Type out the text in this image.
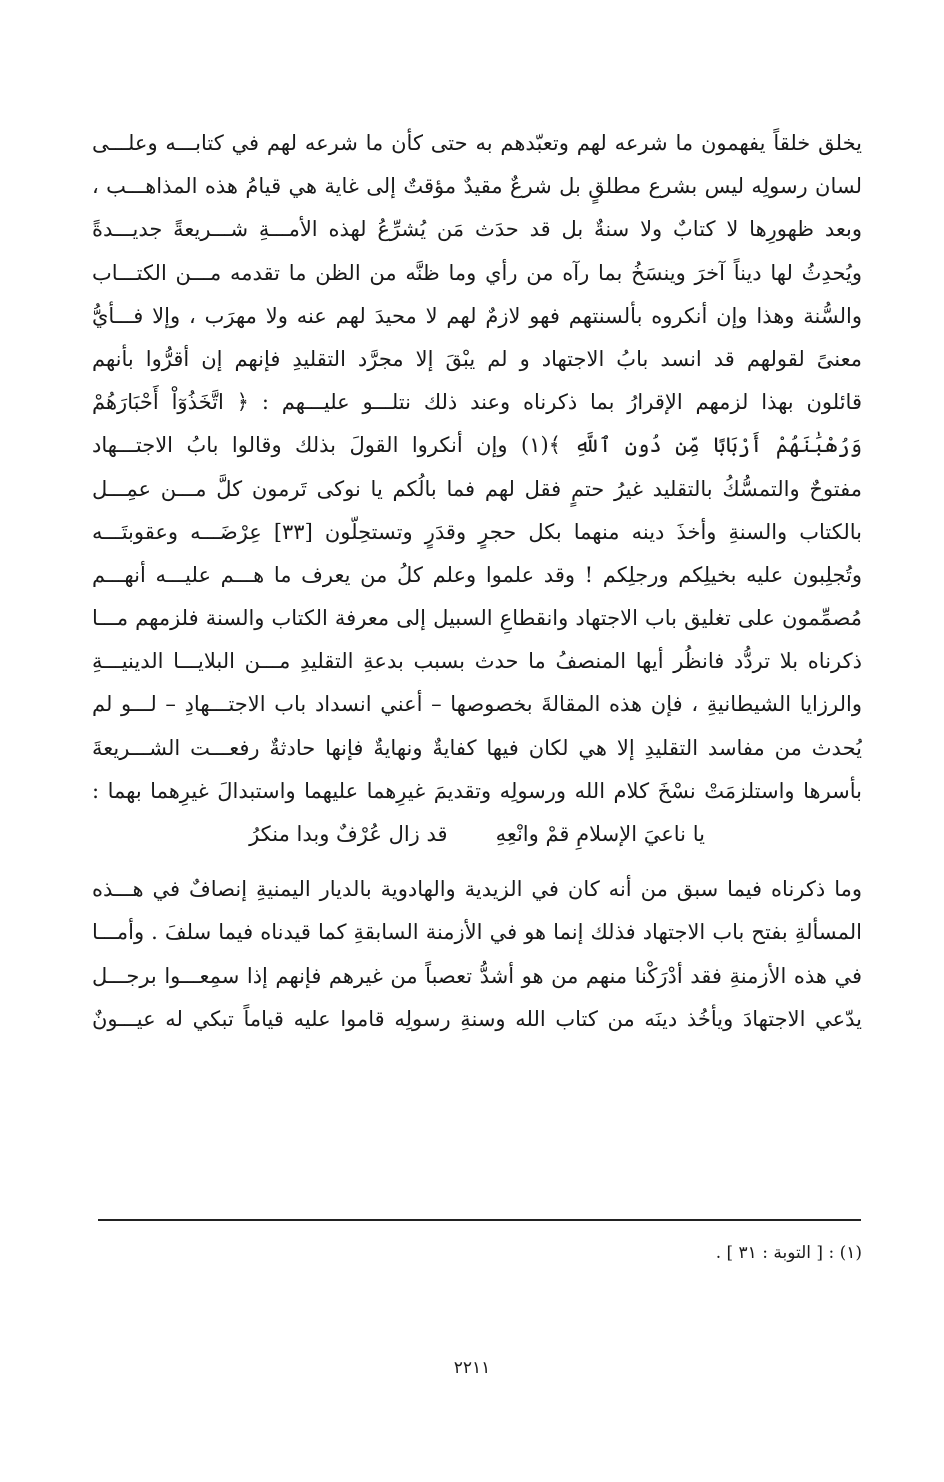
يخلق خلقاً يفهمون ما شرعه لهم وتعبّدهم به حتى كأن ما شرعه لهم في كتابـــه وعلـــى
لسان رسولِه ليس بشرع مطلقٍ بل شرعٌ مقيدٌ مؤقتٌ إلى غاية هي قيامُ هذه المذاهـــب ،
وبعد ظهورِها لا كتابٌ ولا سنةٌ بل قد حدَث مَن يُشرِّعُ لهذه الأمـــةِ شـــريعةً جديـــدةً
ويُحدِثُ لها ديناً آخرَ وينسَخُ بما رآه من رأي وما ظنَّه من الظن ما تقدمه مـــن الكتـــاب
والسُّنة وهذا وإن أنكروه بألسنتهم فهو لازمٌ لهم لا محيدَ لهم عنه ولا مهرَب ، وإلا فـــأيُّ
معنىً لقولهم قد انسد بابُ الاجتهاد و لم يبْقَ إلا مجرَّد التقليدِ فإنهم إن أقرُّوا بأنهم
قائلون بهذا لزمهم الإقرارُ بما ذكرناه وعند ذلك نتلـــو عليـــهم : ﴿ اتَّخَذُوٓاْ أَحْبَارَهُمْ
وَرُهْبَٰنَهُمْ أَرْبَابًا مِّن دُونِ ٱللَّهِ ﴾(١) وإن أنكروا القولَ بذلك وقالوا بابُ الاجتـــهاد
مفتوحٌ والتمسُّكُ بالتقليد غيرُ حتمٍ فقل لهم فما بالُكم يا نوكى تَرمون كلَّ مـــن عمِـــل
بالكتاب والسنةِ وأخذَ دينه منهما بكل حجرٍ وقدَرٍ وتستحِلّون [٣٣] عِرْضَـــه وعقوبتَـــه
وتُجلِبون عليه بخيلِكم ورجلِكم ! وقد علموا وعلم كلُ من يعرف ما هـــم عليـــه أنهـــم
مُصمِّمون على تغليق باب الاجتهاد وانقطاعِ السبيل إلى معرفة الكتاب والسنة فلزمهم مـــا
ذكرناه بلا تردُّد فانظُر أيها المنصفُ ما حدث بسبب بدعةِ التقليدِ مـــن البلايـــا الدينيـــةِ
والرزايا الشيطانيةِ ، فإن هذه المقالةَ بخصوصها – أعني انسداد باب الاجتـــهادِ – لـــو لم
يُحدث من مفاسد التقليدِ إلا هي لكان فيها كفايةٌ ونهايةٌ فإنها حادثةٌ رفعـــت الشـــريعةَ
بأسرها واستلزمَتْ نسْخَ كلام الله ورسولِه وتقديمَ غيرِهما عليهما واستبدالَ غيرِهما بهما :
يا ناعيَ الإسلامِ قمْ وانْعِهِ
قد زال عُرْفٌ وبدا منكرُ
وما ذكرناه فيما سبق من أنه كان في الزيدية والهادوية بالديار اليمنيةِ إنصافٌ في هـــذه
المسألةِ بفتح باب الاجتهاد فذلك إنما هو في الأزمنة السابقةِ كما قيدناه فيما سلفَ . وأمـــا
في هذه الأزمنةِ فقد أدْرَكْنا منهم من هو أشدُّ تعصباً من غيرهم فإنهم إذا سمِعـــوا برجـــل
يدّعي الاجتهادَ ويأخُذ دينَه من كتاب الله وسنةِ رسولِه قاموا عليه قياماً تبكي له عيـــونٌ
(١) : [ التوبة : ٣١ ] .
٢٢١١
